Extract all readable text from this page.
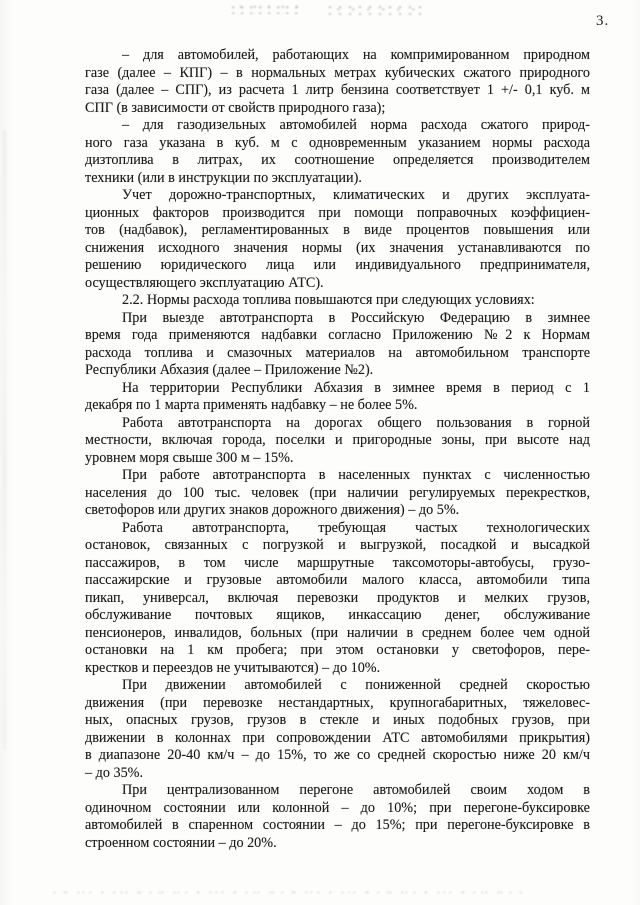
3.
– для автомобилей, работающих на компримированном природном
газе (далее – КПГ) – в нормальных метрах кубических сжатого природного
газа (далее – СПГ), из расчета 1 литр бензина соответствует 1 +/- 0,1 куб. м
СПГ (в зависимости от свойств природного газа);
– для газодизельных автомобилей норма расхода сжатого природ-
ного газа указана в куб. м с одновременным указанием нормы расхода
дизтоплива в литрах, их соотношение определяется производителем
техники (или в инструкции по эксплуатации).
Учет дорожно-транспортных, климатических и других эксплуата-
ционных факторов производится при помощи поправочных коэффициен-
тов (надбавок), регламентированных в виде процентов повышения или
снижения исходного значения нормы (их значения устанавливаются по
решению юридического лица или индивидуального предпринимателя,
осуществляющего эксплуатацию АТС).
2.2. Нормы расхода топлива повышаются при следующих условиях:
При выезде автотранспорта в Российскую Федерацию в зимнее
время года применяются надбавки согласно Приложению №2 к Нормам
расхода топлива и смазочных материалов на автомобильном транспорте
Республики Абхазия (далее – Приложение №2).
На территории Республики Абхазия в зимнее время в период с 1
декабря по 1 марта применять надбавку – не более 5%.
Работа автотранспорта на дорогах общего пользования в горной
местности, включая города, поселки и пригородные зоны, при высоте над
уровнем моря свыше 300 м – 15%.
При работе автотранспорта в населенных пунктах с численностью
населения до 100 тыс. человек (при наличии регулируемых перекрестков,
светофоров или других знаков дорожного движения) – до 5%.
Работа автотранспорта, требующая частых технологических
остановок, связанных с погрузкой и выгрузкой, посадкой и высадкой
пассажиров, в том числе маршрутные таксомоторы-автобусы, грузо-
пассажирские и грузовые автомобили малого класса, автомобили типа
пикап, универсал, включая перевозки продуктов и мелких грузов,
обслуживание почтовых ящиков, инкассацию денег, обслуживание
пенсионеров, инвалидов, больных (при наличии в среднем более чем одной
остановки на 1 км пробега; при этом остановки у светофоров, пере-
крестков и переездов не учитываются) – до 10%.
При движении автомобилей с пониженной средней скоростью
движения (при перевозке нестандартных, крупногабаритных, тяжеловес-
ных, опасных грузов, грузов в стекле и иных подобных грузов, при
движении в колоннах при сопровождении АТС автомобилями прикрытия)
в диапазоне 20-40 км/ч – до 15%, то же со средней скоростью ниже 20 км/ч
– до 35%.
При централизованном перегоне автомобилей своим ходом в
одиночном состоянии или колонной – до 10%; при перегоне-буксировке
автомобилей в спаренном состоянии – до 15%; при перегоне-буксировке в
строенном состоянии – до 20%.
